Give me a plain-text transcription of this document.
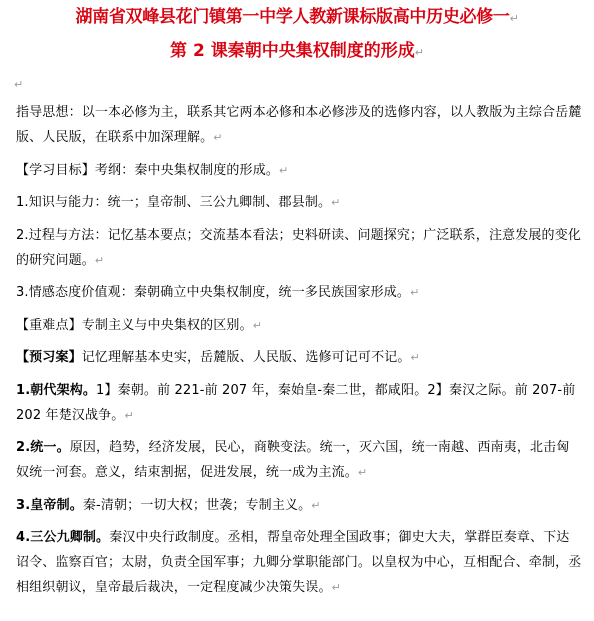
湖南省双峰县花门镇第一中学人教新课标版高中历史必修一↵
第 2 课秦朝中央集权制度的形成↵
↵

指导思想：以一本必修为主，联系其它两本必修和本必修涉及的选修内容，以人教版为主综合岳麓版、人民版，在联系中加深理解。↵

【学习目标】考纲：秦中央集权制度的形成。↵

1.知识与能力：统一；皇帝制、三公九卿制、郡县制。↵

2.过程与方法：记忆基本要点；交流基本看法；史料研读、问题探究；广泛联系，注意发展的变化的研究问题。↵

3.情感态度价值观：秦朝确立中央集权制度，统一多民族国家形成。↵

【重难点】专制主义与中央集权的区别。↵

【预习案】记忆理解基本史实，岳麓版、人民版、选修可记可不记。↵

1.朝代架构。1】秦朝。前 221-前 207 年，秦始皇-秦二世，都咸阳。2】秦汉之际。前 207-前 202 年楚汉战争。↵

2.统一。原因，趋势，经济发展，民心，商鞅变法。统一，灭六国，统一南越、西南夷，北击匈奴统一河套。意义，结束割据，促进发展，统一成为主流。↵

3.皇帝制。秦-清朝；一切大权；世袭；专制主义。↵

4.三公九卿制。秦汉中央行政制度。丞相，帮皇帝处理全国政事；御史大夫，掌群臣奏章、下达诏令、监察百官；太尉，负责全国军事；九卿分掌职能部门。以皇权为中心，互相配合、牵制，丞相组织朝议，皇帝最后裁决，一定程度减少决策失误。↵
